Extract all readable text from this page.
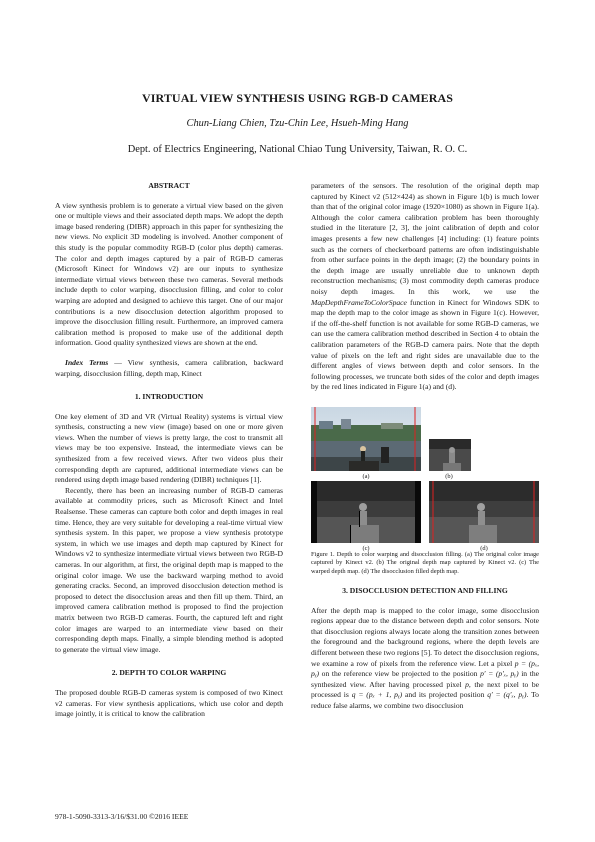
VIRTUAL VIEW SYNTHESIS USING RGB-D CAMERAS
Chun-Liang Chien, Tzu-Chin Lee, Hsueh-Ming Hang
Dept. of Electrics Engineering, National Chiao Tung University, Taiwan, R. O. C.
ABSTRACT

A view synthesis problem is to generate a virtual view based on the given one or multiple views and their associated depth maps. We adopt the depth image based rendering (DIBR) approach in this paper for synthesizing the new views. No explicit 3D modeling is involved. Another component of this study is the popular commodity RGB-D (color plus depth) cameras. The color and depth images captured by a pair of RGB-D cameras (Microsoft Kinect for Windows v2) are our inputs to synthesize intermediate virtual views between these two cameras. Several methods include depth to color warping, disocclusion filling, and color to color warping are adopted and designed to achieve this target. One of our major contributions is a new disocclusion detection algorithm proposed to improve the disocclusion filling result. Furthermore, an improved camera calibration method is proposed to make use of the additional depth information. Good quality synthesized views are shown at the end.

Index Terms — View synthesis, camera calibration, backward warping, disocclusion filling, depth map, Kinect

1. INTRODUCTION

One key element of 3D and VR (Virtual Reality) systems is virtual view synthesis, constructing a new view (image) based on one or more given views. When the number of views is pretty large, the cost to transmit all views may be too expensive. Instead, the intermediate views can be synthesized from a few received views. After two videos plus their corresponding depth are captured, additional intermediate views can be rendered using depth image based rendering (DIBR) techniques [1].

Recently, there has been an increasing number of RGB-D cameras available at commodity prices, such as Microsoft Kinect and Intel Realsense. These cameras can capture both color and depth images in real time. Hence, they are very suitable for developing a real-time virtual view synthesis system. In this paper, we propose a view synthesis prototype system, in which we use images and depth map captured by Kinect for Windows v2 to synthesize intermediate virtual views between two RGB-D cameras. In our algorithm, at first, the original depth map is mapped to the original color image. We use the backward warping method to avoid generating cracks. Second, an improved disocclusion detection method is proposed to detect the disocclusion areas and then fill up them. Third, an improved camera calibration method is proposed to find the projection matrix between two RGB-D cameras. Fourth, the captured left and right color images are warped to an intermediate view based on their corresponding depth maps. Finally, a simple blending method is adopted to generate the virtual view image.

2. DEPTH TO COLOR WARPING

The proposed double RGB-D cameras system is composed of two Kinect v2 cameras. For view synthesis applications, which use color and depth image jointly, it is critical to know the calibration

parameters of the sensors. The resolution of the original depth map captured by Kinect v2 (512×424) as shown in Figure 1(b) is much lower than that of the original color image (1920×1080) as shown in Figure 1(a). Although the color camera calibration problem has been thoroughly studied in the literature [2, 3], the joint calibration of depth and color images presents a few new challenges [4] including: (1) feature points such as the corners of checkerboard patterns are often indistinguishable from other surface points in the depth image; (2) the boundary points in the depth image are usually unreliable due to unknown depth reconstruction mechanisms; (3) most commodity depth cameras produce noisy depth images. In this work, we use the MapDepthFrameToColorSpace function in Kinect for Windows SDK to map the depth map to the color image as shown in Figure 1(c). However, if the off-the-shelf function is not available for some RGB-D cameras, we can use the camera calibration method described in Section 4 to obtain the calibration parameters of the RGB-D camera pairs. Note that the depth value of pixels on the left and right sides are unavailable due to the different angles of views between depth and color sensors. In the following processes, we truncate both sides of the color and depth images by the red lines indicated in Figure 1(a) and (d).

(a)	(b)
(c)	(d)
Figure 1. Depth to color warping and disocclusion filling. (a) The original color image captured by Kinect v2. (b) The original depth map captured by Kinect v2. (c) The warped depth map. (d) The disocclusion filled depth map.
3. DISOCCLUSION DETECTION AND FILLING

After the depth map is mapped to the color image, some disocclusion regions appear due to the distance between depth and color sensors. Note that disocclusion regions always locate along the transition zones between the foreground and the background regions, where the depth levels are different between these two regions [5]. To detect the disocclusion regions, we examine a row of pixels from the reference view. Let a pixel p = (pₓ, pᵧ) on the reference view be projected to the position p′ = (p′ₓ, pᵧ) in the synthesized view. After having processed pixel p, the next pixel to be processed is q = (pₓ + 1, pᵧ) and its projected position q′ = (q′ₓ, pᵧ). To reduce false alarms, we combine two disocclusion

978-1-5090-3313-3/16/$31.00 ©2016 IEEE
